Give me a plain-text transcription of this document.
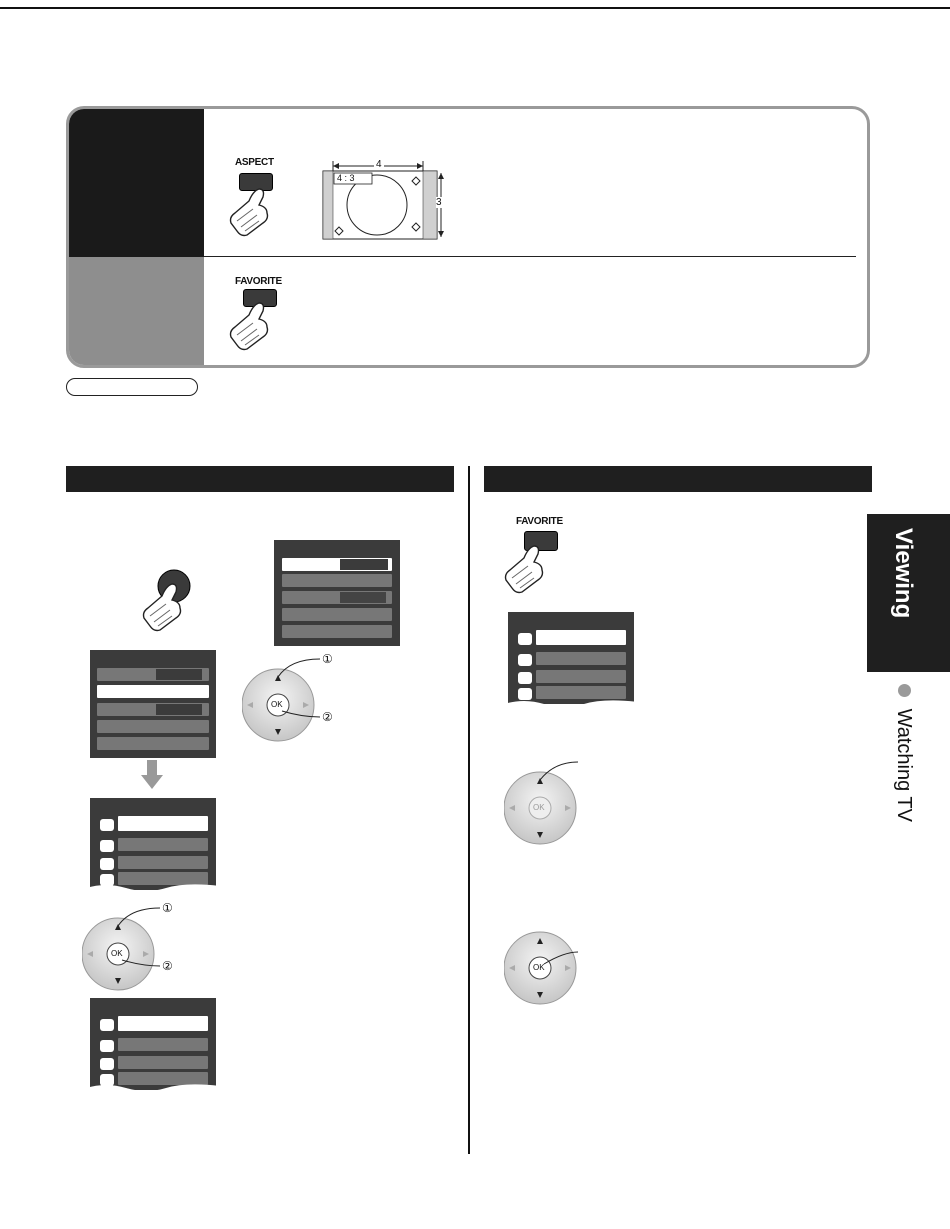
ASPECT	4
4 : 3
3
FAVORITE
OK
①
②
OK
①
②
FAVORITE
OK
OK
Viewing
Watching TV
